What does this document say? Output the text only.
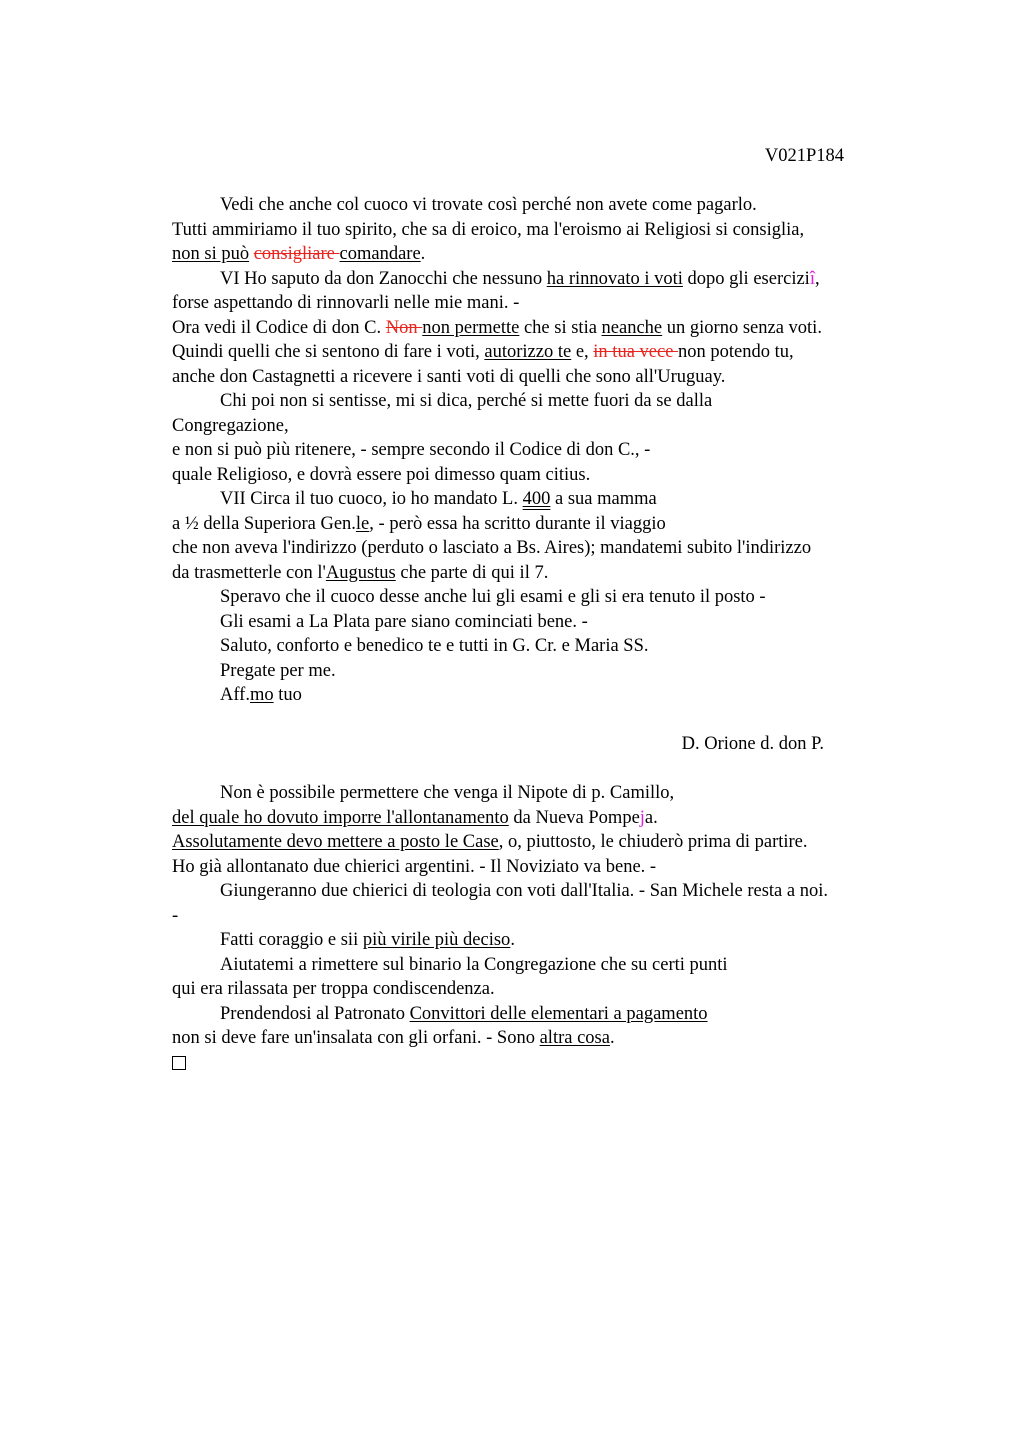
V021P184
Vedi che anche col cuoco vi trovate così perché non avete come pagarlo.
Tutti ammiriamo il tuo spirito, che sa di eroico, ma l'eroismo ai Religiosi si consiglia,
non si può consigliare comandare.
VI Ho saputo da don Zanocchi che nessuno ha rinnovato i voti dopo gli eserciziî,
forse aspettando di rinnovarli nelle mie mani. -
Ora vedi il Codice di don C. Non non permette che si stia neanche un giorno senza voti.
Quindi quelli che si sentono di fare i voti, autorizzo te e, in tua vece non potendo tu,
anche don Castagnetti a ricevere i santi voti di quelli che sono all'Uruguay.
Chi poi non si sentisse, mi si dica, perché si mette fuori da se dalla
Congregazione,
e non si può più ritenere, - sempre secondo il Codice di don C., -
quale Religioso, e dovrà essere poi dimesso quam citius.
VII Circa il tuo cuoco, io ho mandato L. 400 a sua mamma
a ½ della Superiora Gen.le, - però essa ha scritto durante il viaggio
che non aveva l'indirizzo (perduto o lasciato a Bs. Aires); mandatemi subito l'indirizzo
da trasmetterle con l'Augustus che parte di qui il 7.
Speravo che il cuoco desse anche lui gli esami e gli si era tenuto il posto -
Gli esami a La Plata pare siano cominciati bene. -
Saluto, conforto e benedico te e tutti in G. Cr. e Maria SS.
Pregate per me.
Aff.mo tuo
D. Orione d. don P.
Non è possibile permettere che venga il Nipote di p. Camillo,
del quale ho dovuto imporre l'allontanamento da Nueva Pompeja.
Assolutamente devo mettere a posto le Case, o, piuttosto, le chiuderò prima di partire.
Ho già allontanato due chierici argentini. - Il Noviziato va bene. -
Giungeranno due chierici di teologia con voti dall'Italia. - San Michele resta a noi.
-
Fatti coraggio e sii più virile più deciso.
Aiutatemi a rimettere sul binario la Congregazione che su certi punti
qui era rilassata per troppa condiscendenza.
Prendendosi al Patronato Convittori delle elementari a pagamento
non si deve fare un'insalata con gli orfani. - Sono altra cosa.
